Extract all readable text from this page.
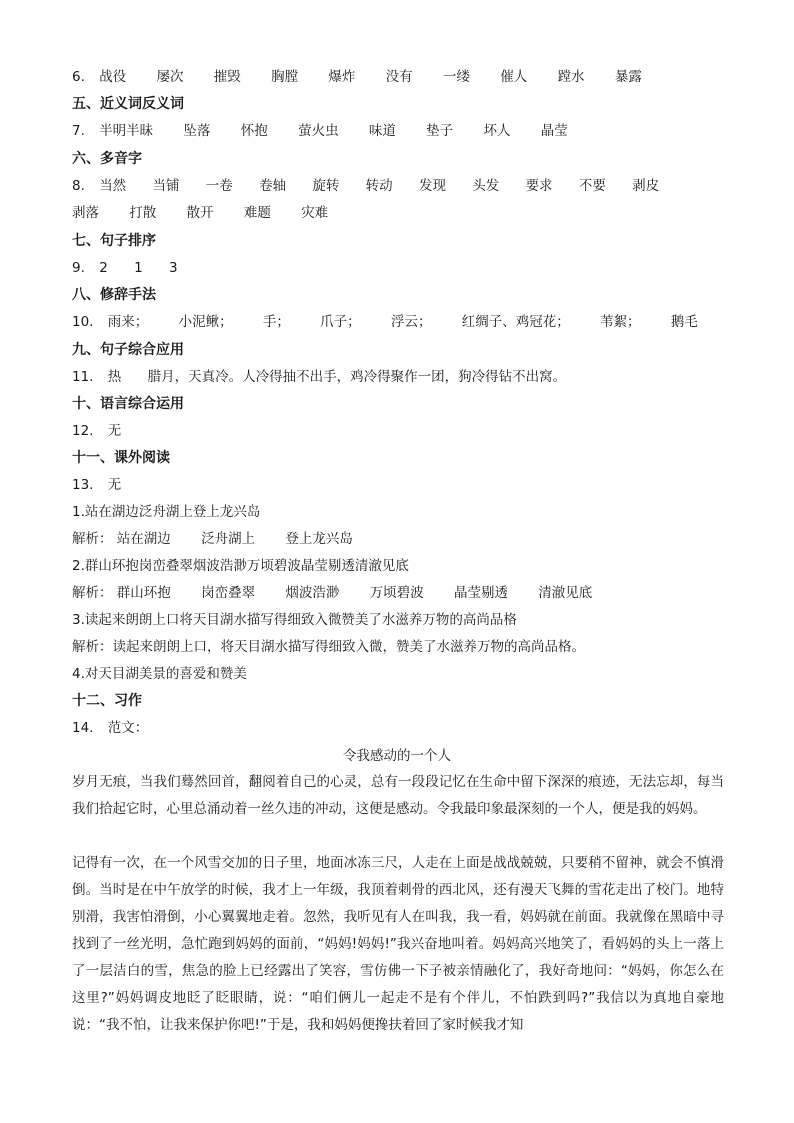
6. 战役 屡次 摧毁 胸膛 爆炸 没有 一缕 催人 蹚水 暴露
五、近义词反义词
7. 半明半昧 坠落 怀抱 萤火虫 味道 垫子 坏人 晶莹
六、多音字
8. 当然 当铺 一卷 卷轴 旋转 转动 发现 头发 要求 不要 剥皮
剥落 打散 散开 难题 灾难
七、句子排序
9. 2 1 3
八、修辞手法
10. 雨来； 小泥鳅； 手； 爪子； 浮云； 红绸子、鸡冠花； 苇絮； 鹅毛
九、句子综合应用
11. 热 腊月，天真冷。人冷得抽不出手，鸡冷得聚作一团，狗冷得钻不出窝。
十、语言综合运用
12. 无
十一、课外阅读
13. 无
1.站在湖边泛舟湖上登上龙兴岛
解析： 站在湖边 泛舟湖上 登上龙兴岛
2.群山环抱岗峦叠翠烟波浩渺万顷碧波晶莹剔透清澈见底
解析： 群山环抱 岗峦叠翠 烟波浩渺 万顷碧波 晶莹剔透 清澈见底
3.读起来朗朗上口将天目湖水描写得细致入微赞美了水滋养万物的高尚品格
解析：读起来朗朗上口，将天目湖水描写得细致入微，赞美了水滋养万物的高尚品格。
4.对天目湖美景的喜爱和赞美
十二、习作
14. 范文：
令我感动的一个人
岁月无痕，当我们蓦然回首，翻阅着自己的心灵，总有一段段记忆在生命中留下深深的痕迹，无法忘却，每当我们拾起它时，心里总涌动着一丝久违的冲动，这便是感动。令我最印象最深刻的一个人，便是我的妈妈。
记得有一次，在一个风雪交加的日子里，地面冰冻三尺，人走在上面是战战兢兢，只要稍不留神，就会不慎滑倒。当时是在中午放学的时候，我才上一年级，我顶着刺骨的西北风，还有漫天飞舞的雪花走出了校门。地特别滑，我害怕滑倒，小心翼翼地走着。忽然，我听见有人在叫我，我一看，妈妈就在前面。我就像在黑暗中寻找到了一丝光明，急忙跑到妈妈的面前，“妈妈!妈妈!”我兴奋地叫着。妈妈高兴地笑了，看妈妈的头上一落上了一层洁白的雪，焦急的脸上已经露出了笑容，雪仿佛一下子被亲情融化了，我好奇地问：“妈妈，你怎么在这里?”妈妈调皮地眨了眨眼睛，说：“咱们俩儿一起走不是有个伴儿，不怕跌到吗?”我信以为真地自豪地说：“我不怕，让我来保护你吧!”于是，我和妈妈便搀扶着回了家时候我才知
